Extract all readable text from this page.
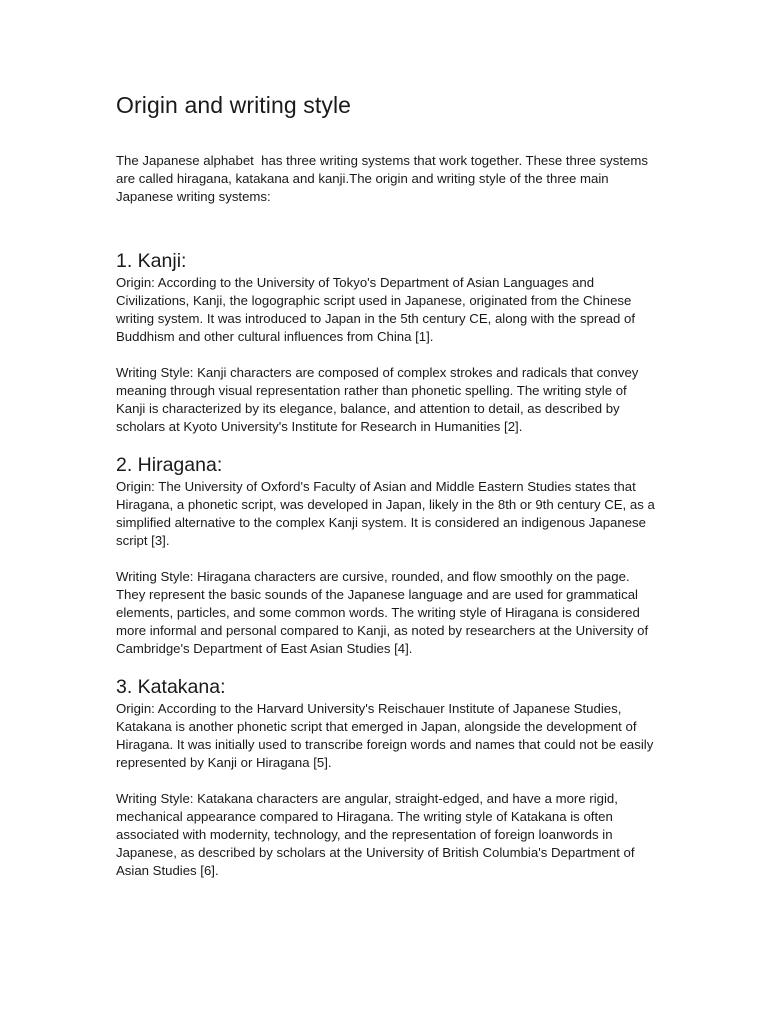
Origin and writing style

The Japanese alphabet  has three writing systems that work together. These three systems are called hiragana, katakana and kanji.The origin and writing style of the three main Japanese writing systems:

1. Kanji:

Origin: According to the University of Tokyo's Department of Asian Languages and Civilizations, Kanji, the logographic script used in Japanese, originated from the Chinese writing system. It was introduced to Japan in the 5th century CE, along with the spread of Buddhism and other cultural influences from China [1].

Writing Style: Kanji characters are composed of complex strokes and radicals that convey meaning through visual representation rather than phonetic spelling. The writing style of Kanji is characterized by its elegance, balance, and attention to detail, as described by scholars at Kyoto University's Institute for Research in Humanities [2].

2. Hiragana:

Origin: The University of Oxford's Faculty of Asian and Middle Eastern Studies states that Hiragana, a phonetic script, was developed in Japan, likely in the 8th or 9th century CE, as a simplified alternative to the complex Kanji system. It is considered an indigenous Japanese script [3].

Writing Style: Hiragana characters are cursive, rounded, and flow smoothly on the page. They represent the basic sounds of the Japanese language and are used for grammatical elements, particles, and some common words. The writing style of Hiragana is considered more informal and personal compared to Kanji, as noted by researchers at the University of Cambridge's Department of East Asian Studies [4].

3. Katakana:

Origin: According to the Harvard University's Reischauer Institute of Japanese Studies, Katakana is another phonetic script that emerged in Japan, alongside the development of Hiragana. It was initially used to transcribe foreign words and names that could not be easily represented by Kanji or Hiragana [5].

Writing Style: Katakana characters are angular, straight-edged, and have a more rigid, mechanical appearance compared to Hiragana. The writing style of Katakana is often associated with modernity, technology, and the representation of foreign loanwords in Japanese, as described by scholars at the University of British Columbia's Department of Asian Studies [6].
